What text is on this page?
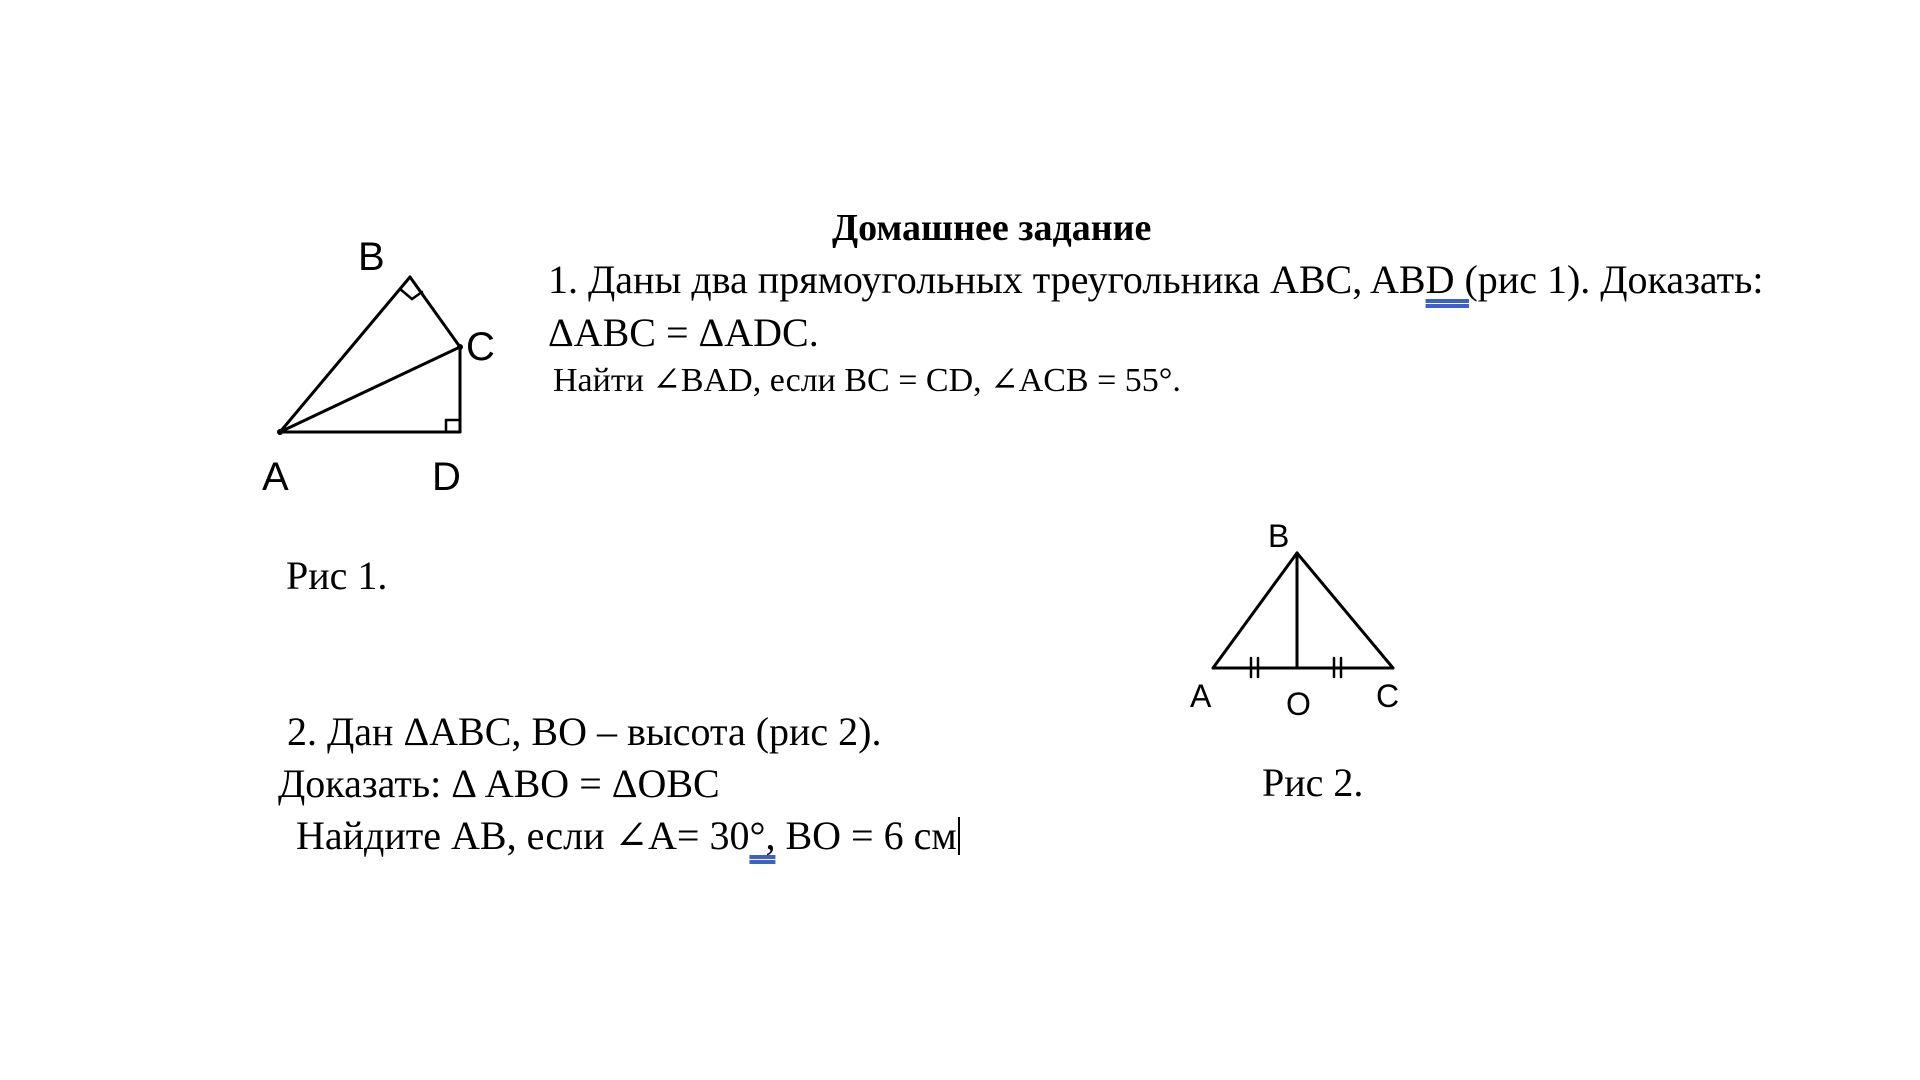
Домашнее задание
1. Даны два прямоугольных треугольника ABC, ABD (рис 1). Доказать:
ΔABC = ΔADC.
Найти ∠BAD, если BC = CD, ∠ACB = 55°.
B
C
A	D
Рис 1.
B
A O C
Рис 2.
2. Дан ΔABC, BO – высота (рис 2).
Доказать: Δ ABO = ΔOBC
Найдите АВ, если ∠A= 30°, ВО = 6 см
